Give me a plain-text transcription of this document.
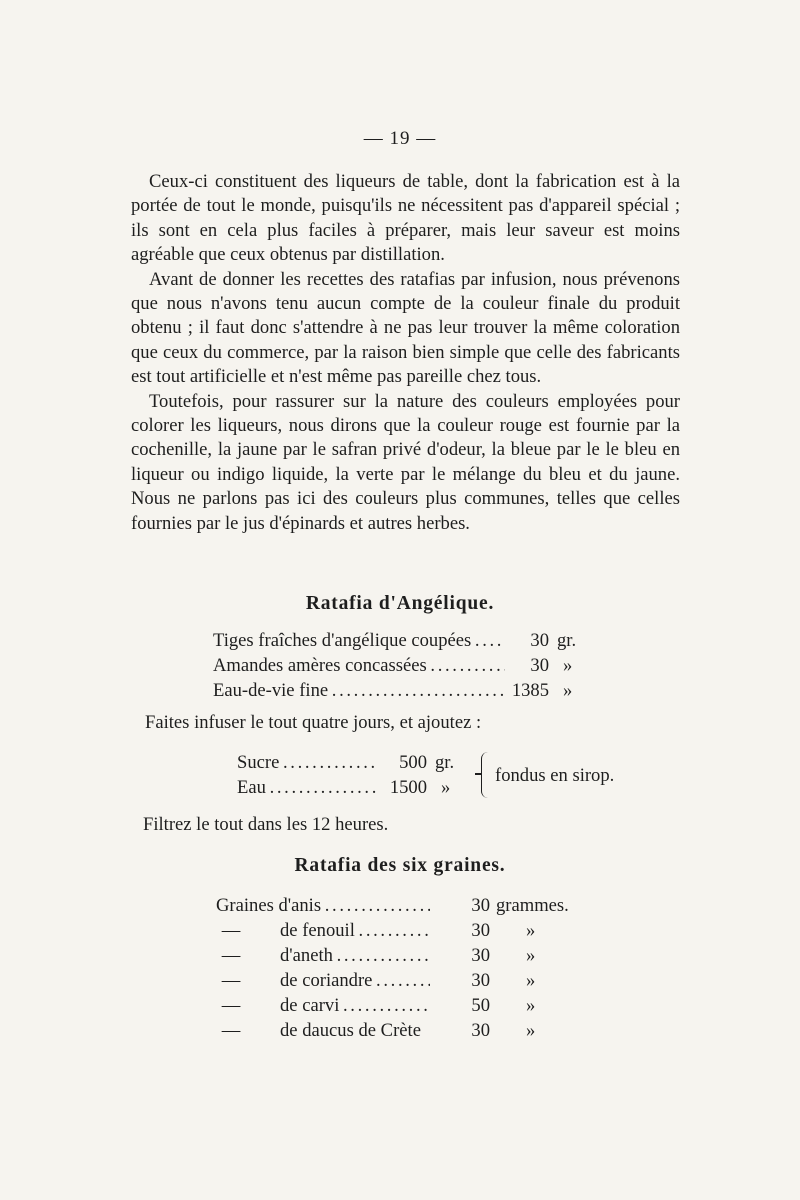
— 19 —

Ceux-ci constituent des liqueurs de table, dont la fabrication est à la portée de tout le monde, puisqu'ils ne nécessitent pas d'appareil spécial ; ils sont en cela plus faciles à préparer, mais leur saveur est moins agréable que ceux obtenus par distillation.

Avant de donner les recettes des ratafias par infusion, nous prévenons que nous n'avons tenu aucun compte de la couleur finale du produit obtenu ; il faut donc s'attendre à ne pas leur trouver la même coloration que ceux du commerce, par la raison bien simple que celle des fabricants est tout artificielle et n'est même pas pareille chez tous.

Toutefois, pour rassurer sur la nature des couleurs employées pour colorer les liqueurs, nous dirons que la couleur rouge est fournie par la cochenille, la jaune par le safran privé d'odeur, la bleue par le le bleu en liqueur ou indigo liquide, la verte par le mélange du bleu et du jaune. Nous ne parlons pas ici des couleurs plus communes, telles que celles fournies par le jus d'épinards et autres herbes.

Ratafia d'Angélique.
Tiges fraîches d'angélique coupées . . .	30 gr.
Amandes amères concassées . . .	30 »
Eau-de-vie fine . . .	1385 »
Faites infuser le tout quatre jours, et ajoutez :
Sucre . . .	500 gr.
Eau . . .	1500 »
fondus en sirop.
Filtrez le tout dans les 12 heures.
Ratafia des six graines.
Graines d'anis . . .	30 grammes.
—	de fenouil . . .	30	»
—	d'aneth . . .	30	»
—	de coriandre . . .	30	»
—	de carvi . . .	50	»
—	de daucus de Crète	30	»
